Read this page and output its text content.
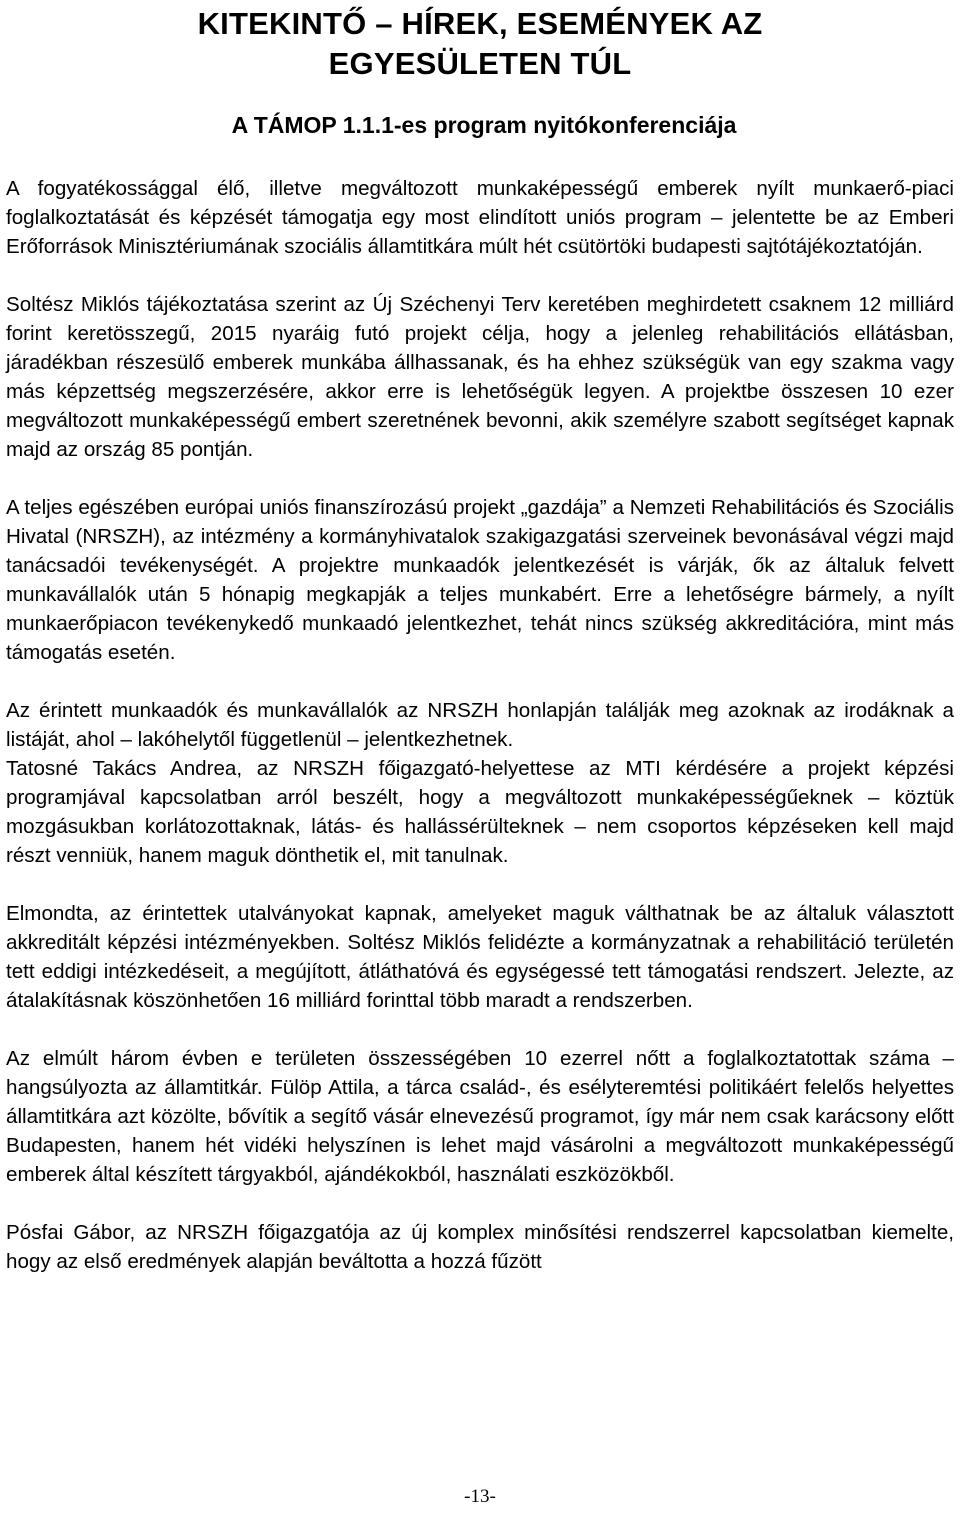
KITEKINTŐ – HÍREK, ESEMÉNYEK AZ
EGYESÜLETEN TÚL
A TÁMOP 1.1.1-es program nyitókonferenciája

A fogyatékossággal élő, illetve megváltozott munkaképességű emberek nyílt munkaerő-piaci foglalkoztatását és képzését támogatja egy most elindított uniós program – jelentette be az Emberi Erőforrások Minisztériumának szociális államtitkára múlt hét csütörtöki budapesti sajtótájékoztatóján.

Soltész Miklós tájékoztatása szerint az Új Széchenyi Terv keretében meghirdetett csaknem 12 milliárd forint keretösszegű, 2015 nyaráig futó projekt célja, hogy a jelenleg rehabilitációs ellátásban, járadékban részesülő emberek munkába állhassanak, és ha ehhez szükségük van egy szakma vagy más képzettség megszerzésére, akkor erre is lehetőségük legyen. A projektbe összesen 10 ezer megváltozott munkaképességű embert szeretnének bevonni, akik személyre szabott segítséget kapnak majd az ország 85 pontján.

A teljes egészében európai uniós finanszírozású projekt „gazdája” a Nemzeti Rehabilitációs és Szociális Hivatal (NRSZH), az intézmény a kormányhivatalok szakigazgatási szerveinek bevonásával végzi majd tanácsadói tevékenységét. A projektre munkaadók jelentkezését is várják, ők az általuk felvett munkavállalók után 5 hónapig megkapják a teljes munkabért. Erre a lehetőségre bármely, a nyílt munkaerőpiacon tevékenykedő munkaadó jelentkezhet, tehát nincs szükség akkreditációra, mint más támogatás esetén.

Az érintett munkaadók és munkavállalók az NRSZH honlapján találják meg azoknak az irodáknak a listáját, ahol – lakóhelytől függetlenül – jelentkezhetnek.

Tatosné Takács Andrea, az NRSZH főigazgató-helyettese az MTI kérdésére a projekt képzési programjával kapcsolatban arról beszélt, hogy a megváltozott munkaképességűeknek – köztük mozgásukban korlátozottaknak, látás- és hallássérülteknek – nem csoportos képzéseken kell majd részt venniük, hanem maguk dönthetik el, mit tanulnak.

Elmondta, az érintettek utalványokat kapnak, amelyeket maguk válthatnak be az általuk választott akkreditált képzési intézményekben. Soltész Miklós felidézte a kormányzatnak a rehabilitáció területén tett eddigi intézkedéseit, a megújított, átláthatóvá és egységessé tett támogatási rendszert. Jelezte, az átalakításnak köszönhetően 16 milliárd forinttal több maradt a rendszerben.

Az elmúlt három évben e területen összességében 10 ezerrel nőtt a foglalkoztatottak száma – hangsúlyozta az államtitkár. Fülöp Attila, a tárca család-, és esélyteremtési politikáért felelős helyettes államtitkára azt közölte, bővítik a segítő vásár elnevezésű programot, így már nem csak karácsony előtt Budapesten, hanem hét vidéki helyszínen is lehet majd vásárolni a megváltozott munkaképességű emberek által készített tárgyakból, ajándékokból, használati eszközökből.

Pósfai Gábor, az NRSZH főigazgatója az új komplex minősítési rendszerrel kapcsolatban kiemelte, hogy az első eredmények alapján beváltotta a hozzá fűzött

-13-
